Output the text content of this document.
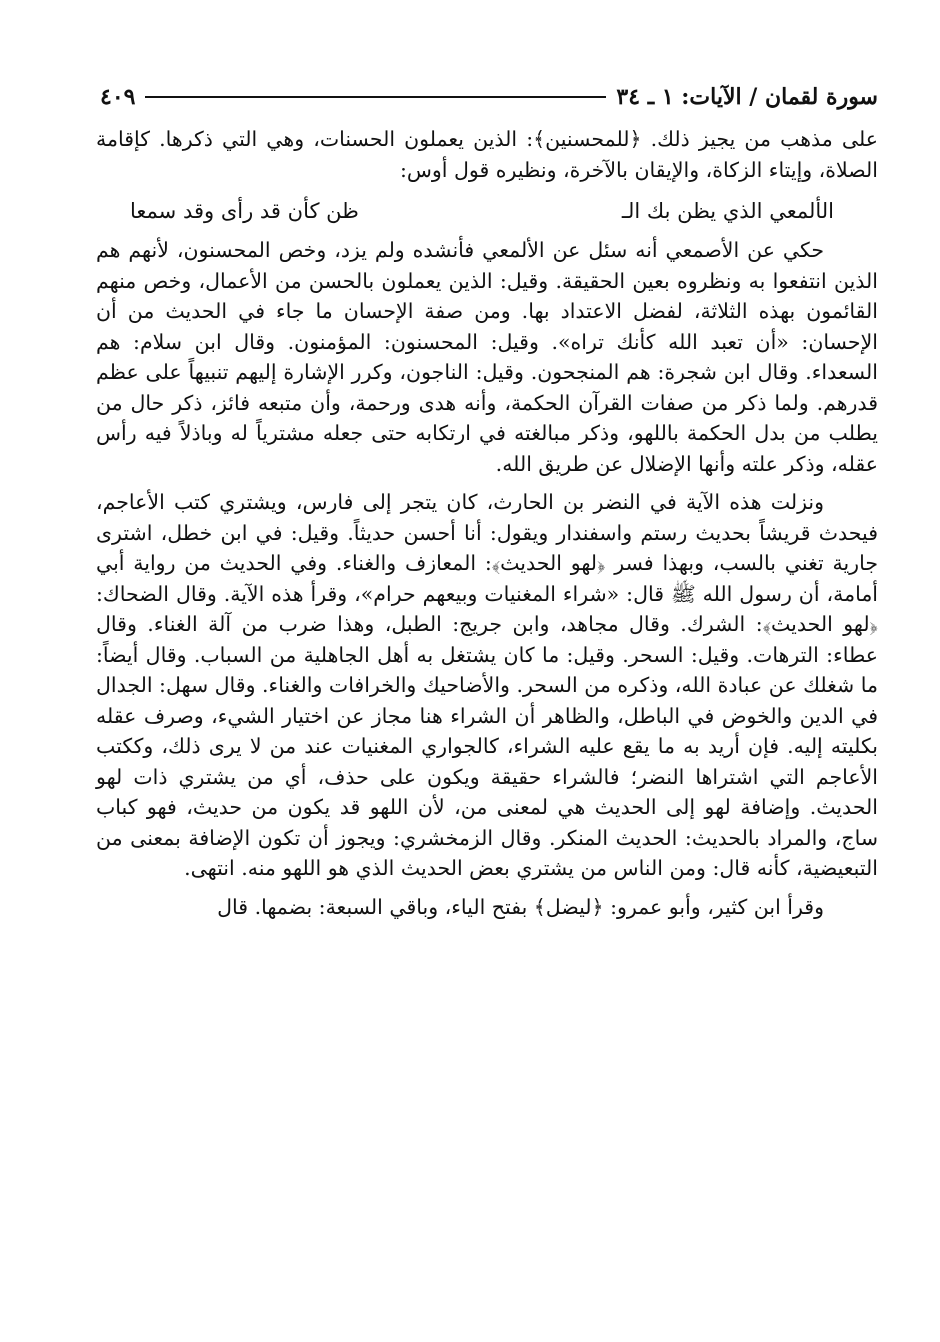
سورة لقمان / الآيات: ١ ـ ٣٤
٤٠٩

على مذهب من يجيز ذلك. ﴿للمحسنين﴾: الذين يعملون الحسنات، وهي التي ذكرها. كإقامة الصلاة، وإيتاء الزكاة، والإيقان بالآخرة، ونظيره قول أوس:

الألمعي الذي يظن بك الـ
ظن كأن قد رأى وقد سمعا

حكي عن الأصمعي أنه سئل عن الألمعي فأنشده ولم يزد، وخص المحسنون، لأنهم هم الذين انتفعوا به ونظروه بعين الحقيقة. وقيل: الذين يعملون بالحسن من الأعمال، وخص منهم القائمون بهذه الثلاثة، لفضل الاعتداد بها. ومن صفة الإحسان ما جاء في الحديث من أن الإحسان: «أن تعبد الله كأنك تراه». وقيل: المحسنون: المؤمنون. وقال ابن سلام: هم السعداء. وقال ابن شجرة: هم المنجحون. وقيل: الناجون، وكرر الإشارة إليهم تنبيهاً على عظم قدرهم. ولما ذكر من صفات القرآن الحكمة، وأنه هدى ورحمة، وأن متبعه فائز، ذكر حال من يطلب من بدل الحكمة باللهو، وذكر مبالغته في ارتكابه حتى جعله مشترياً له وباذلاً فيه رأس عقله، وذكر علته وأنها الإضلال عن طريق الله.

ونزلت هذه الآية في النضر بن الحارث، كان يتجر إلى فارس، ويشتري كتب الأعاجم، فيحدث قريشاً بحديث رستم واسفندار ويقول: أنا أحسن حديثاً. وقيل: في ابن خطل، اشترى جارية تغني بالسب، وبهذا فسر ﴿لهو الحديث﴾: المعازف والغناء. وفي الحديث من رواية أبي أمامة، أن رسول الله ﷺ قال: «شراء المغنيات وبيعهم حرام»، وقرأ هذه الآية. وقال الضحاك: ﴿لهو الحديث﴾: الشرك. وقال مجاهد، وابن جريج: الطبل، وهذا ضرب من آلة الغناء. وقال عطاء: الترهات. وقيل: السحر. وقيل: ما كان يشتغل به أهل الجاهلية من السباب. وقال أيضاً: ما شغلك عن عبادة الله، وذكره من السحر. والأضاحيك والخرافات والغناء. وقال سهل: الجدال في الدين والخوض في الباطل، والظاهر أن الشراء هنا مجاز عن اختيار الشيء، وصرف عقله بكليته إليه. فإن أريد به ما يقع عليه الشراء، كالجواري المغنيات عند من لا يرى ذلك، وككتب الأعاجم التي اشتراها النضر؛ فالشراء حقيقة ويكون على حذف، أي من يشتري ذات لهو الحديث. وإضافة لهو إلى الحديث هي لمعنى من، لأن اللهو قد يكون من حديث، فهو كباب ساج، والمراد بالحديث: الحديث المنكر. وقال الزمخشري: ويجوز أن تكون الإضافة بمعنى من التبعيضية، كأنه قال: ومن الناس من يشتري بعض الحديث الذي هو اللهو منه. انتهى.

وقرأ ابن كثير، وأبو عمرو: ﴿ليضل﴾ بفتح الياء، وباقي السبعة: بضمها. قال
